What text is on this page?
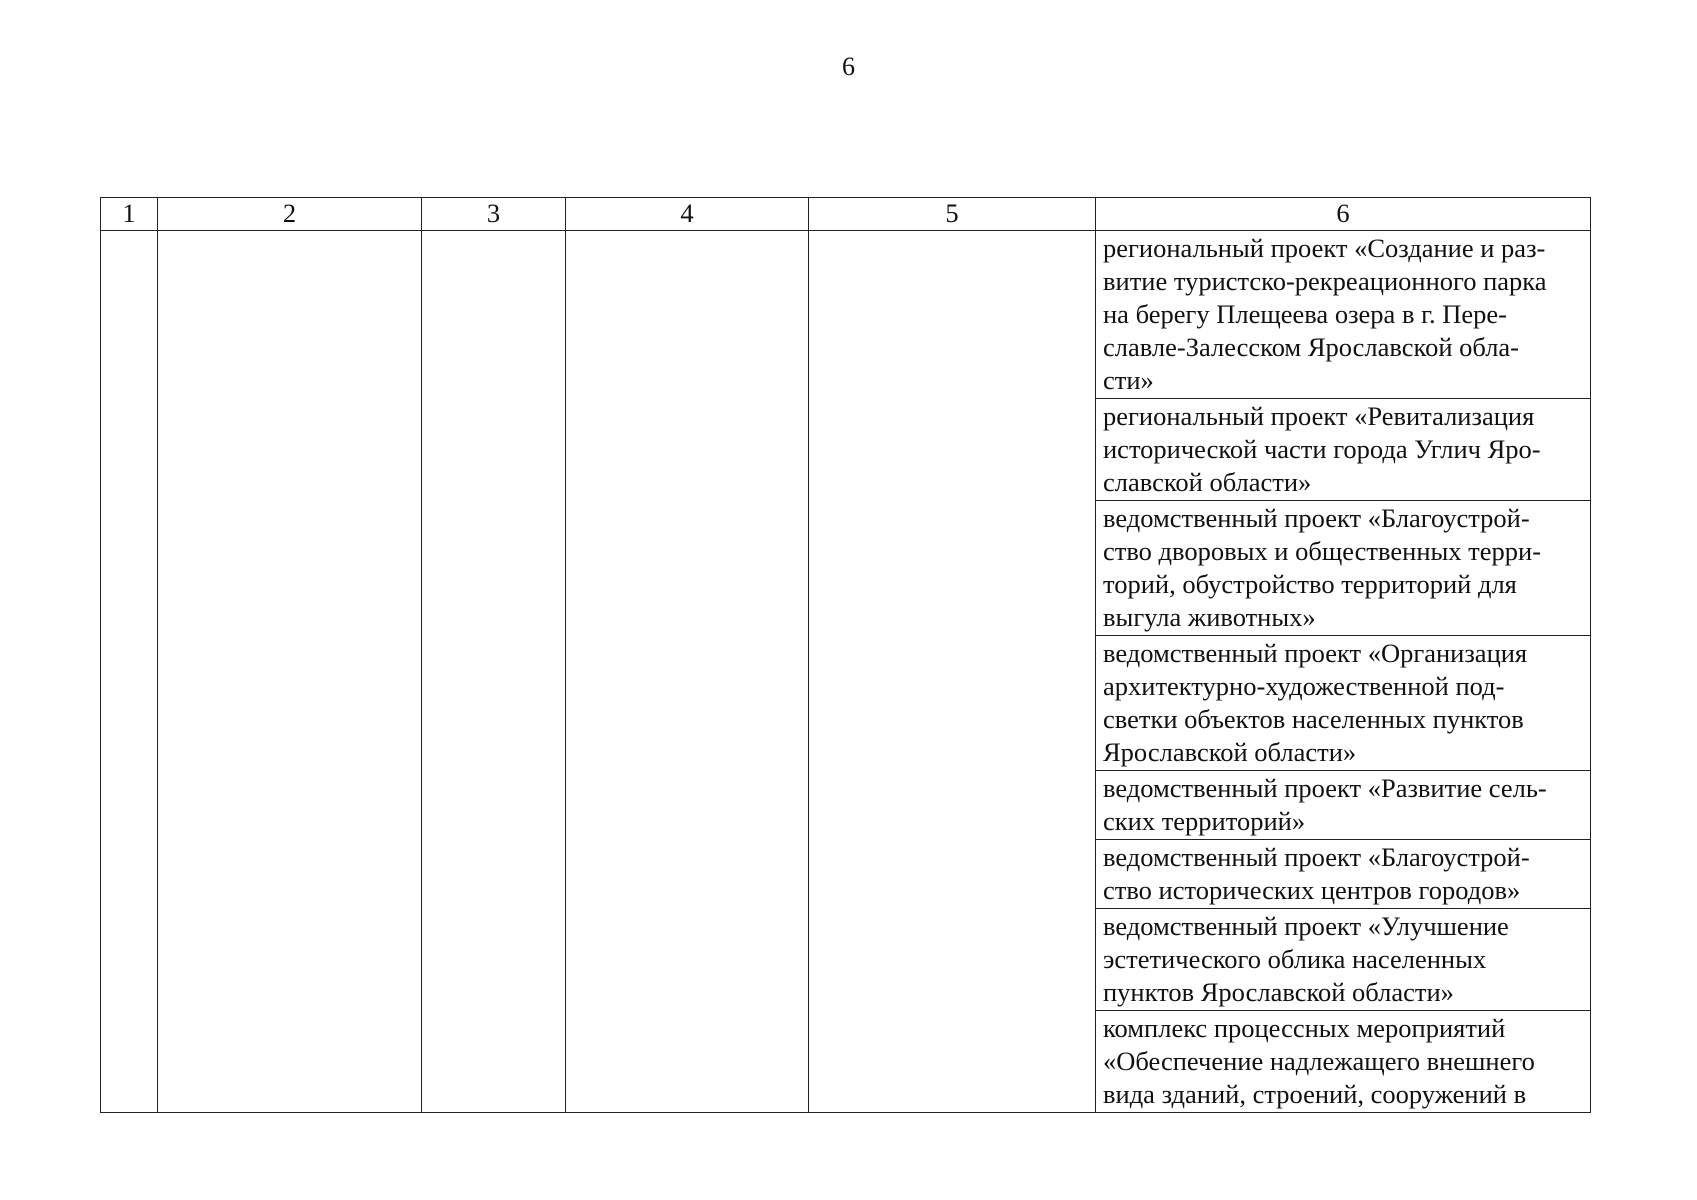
6
1	2	3	4	5	6

					региональный проект «Создание и раз-
витие туристско-рекреационного парка
на берегу Плещеева озера в г. Пере-
славле-Залесском Ярославской обла-
сти»

					региональный проект «Ревитализация
исторической части города Углич Яро-
славской области»

					ведомственный проект «Благоустрой-
ство дворовых и общественных терри-
торий, обустройство территорий для
выгула животных»

					ведомственный проект «Организация
архитектурно-художественной под-
светки объектов населенных пунктов
Ярославской области»

					ведомственный проект «Развитие сель-
ских территорий»

					ведомственный проект «Благоустрой-
ство исторических центров городов»

					ведомственный проект «Улучшение
эстетического облика населенных
пунктов Ярославской области»

					комплекс процессных мероприятий
«Обеспечение надлежащего внешнего
вида зданий, строений, сооружений в
